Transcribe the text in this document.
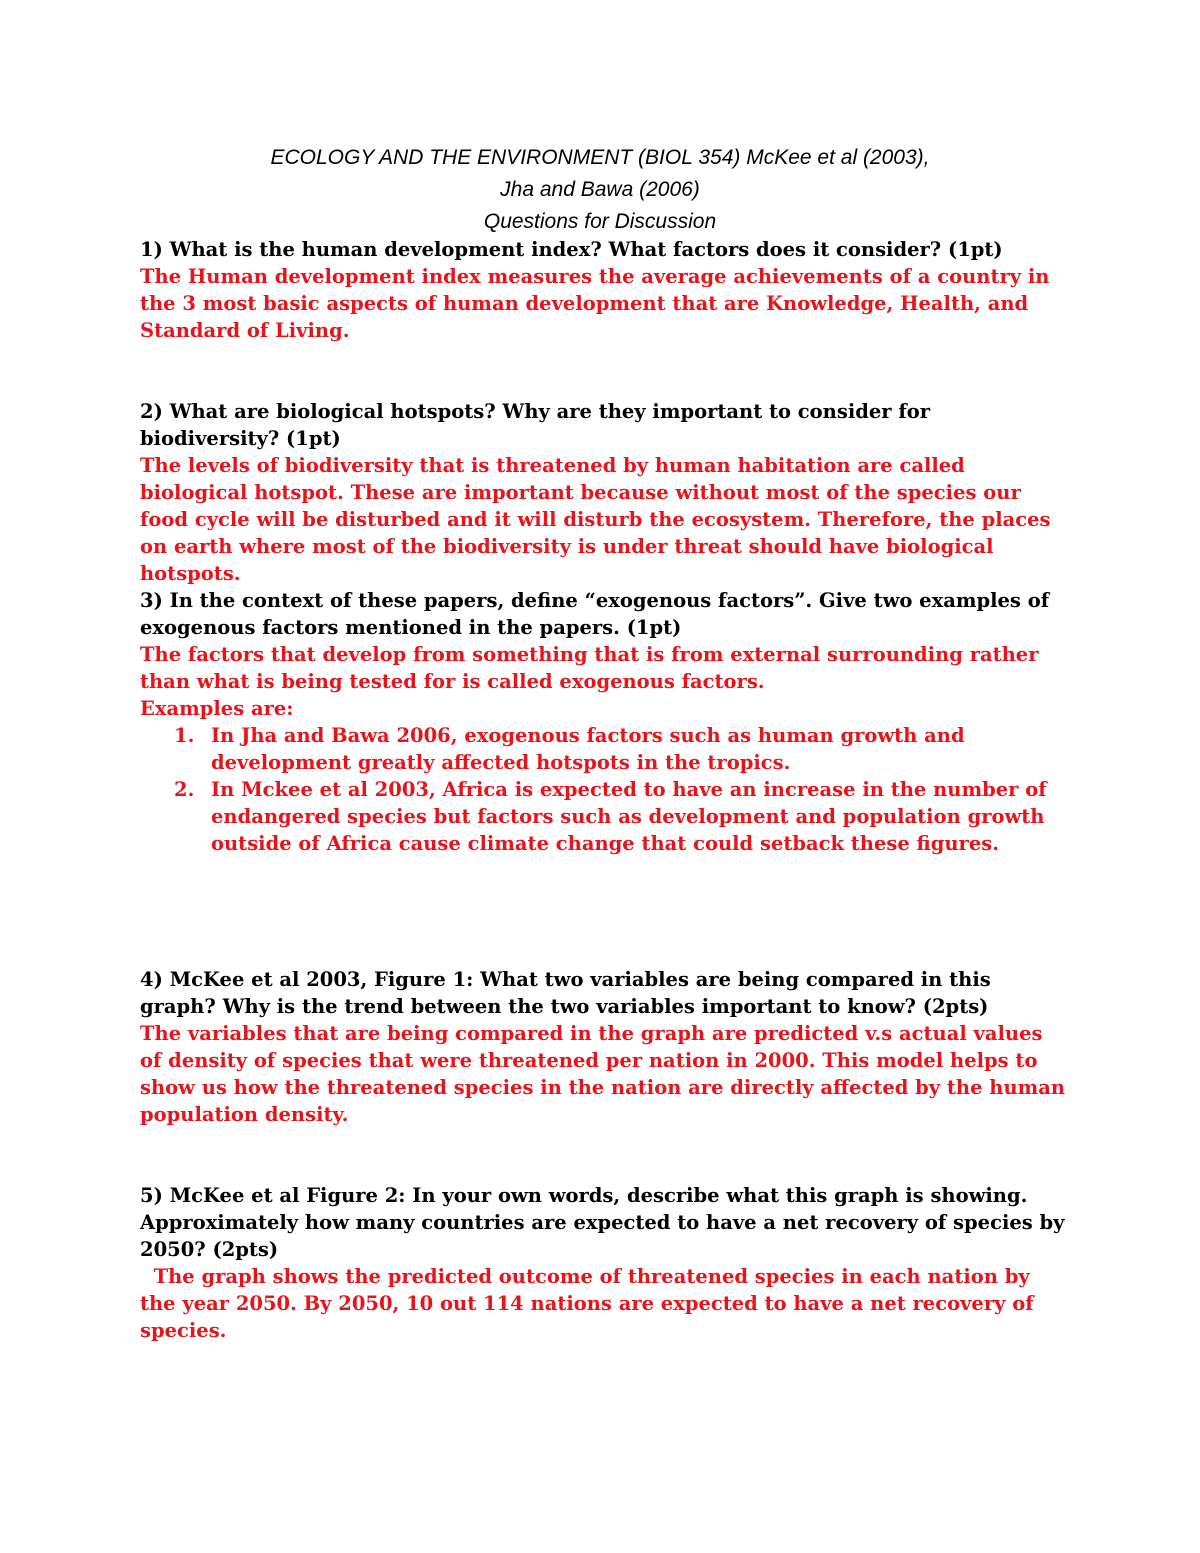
ECOLOGY AND THE ENVIRONMENT (BIOL 354) McKee et al (2003),
Jha and Bawa (2006)
Questions for Discussion
1) What is the human development index? What factors does it consider? (1pt)
The Human development index measures the average achievements of a country in the 3 most basic aspects of human development that are Knowledge, Health, and Standard of Living.
2) What are biological hotspots? Why are they important to consider for biodiversity? (1pt)
The levels of biodiversity that is threatened by human habitation are called biological hotspot. These are important because without most of the species our food cycle will be disturbed and it will disturb the ecosystem. Therefore, the places on earth where most of the biodiversity is under threat should have biological hotspots.
3) In the context of these papers, define “exogenous factors”. Give two examples of exogenous factors mentioned in the papers. (1pt)
The factors that develop from something that is from external surrounding rather than what is being tested for is called exogenous factors.
Examples are:
1. In Jha and Bawa 2006, exogenous factors such as human growth and development greatly affected hotspots in the tropics.
2. In Mckee et al 2003, Africa is expected to have an increase in the number of endangered species but factors such as development and population growth outside of Africa cause climate change that could setback these figures.
4) McKee et al 2003, Figure 1: What two variables are being compared in this graph? Why is the trend between the two variables important to know? (2pts)
The variables that are being compared in the graph are predicted v.s actual values of density of species that were threatened per nation in 2000. This model helps to show us how the threatened species in the nation are directly affected by the human population density.
5) McKee et al Figure 2: In your own words, describe what this graph is showing. Approximately how many countries are expected to have a net recovery of species by 2050? (2pts)
The graph shows the predicted outcome of threatened species in each nation by the year 2050. By 2050, 10 out 114 nations are expected to have a net recovery of species.
